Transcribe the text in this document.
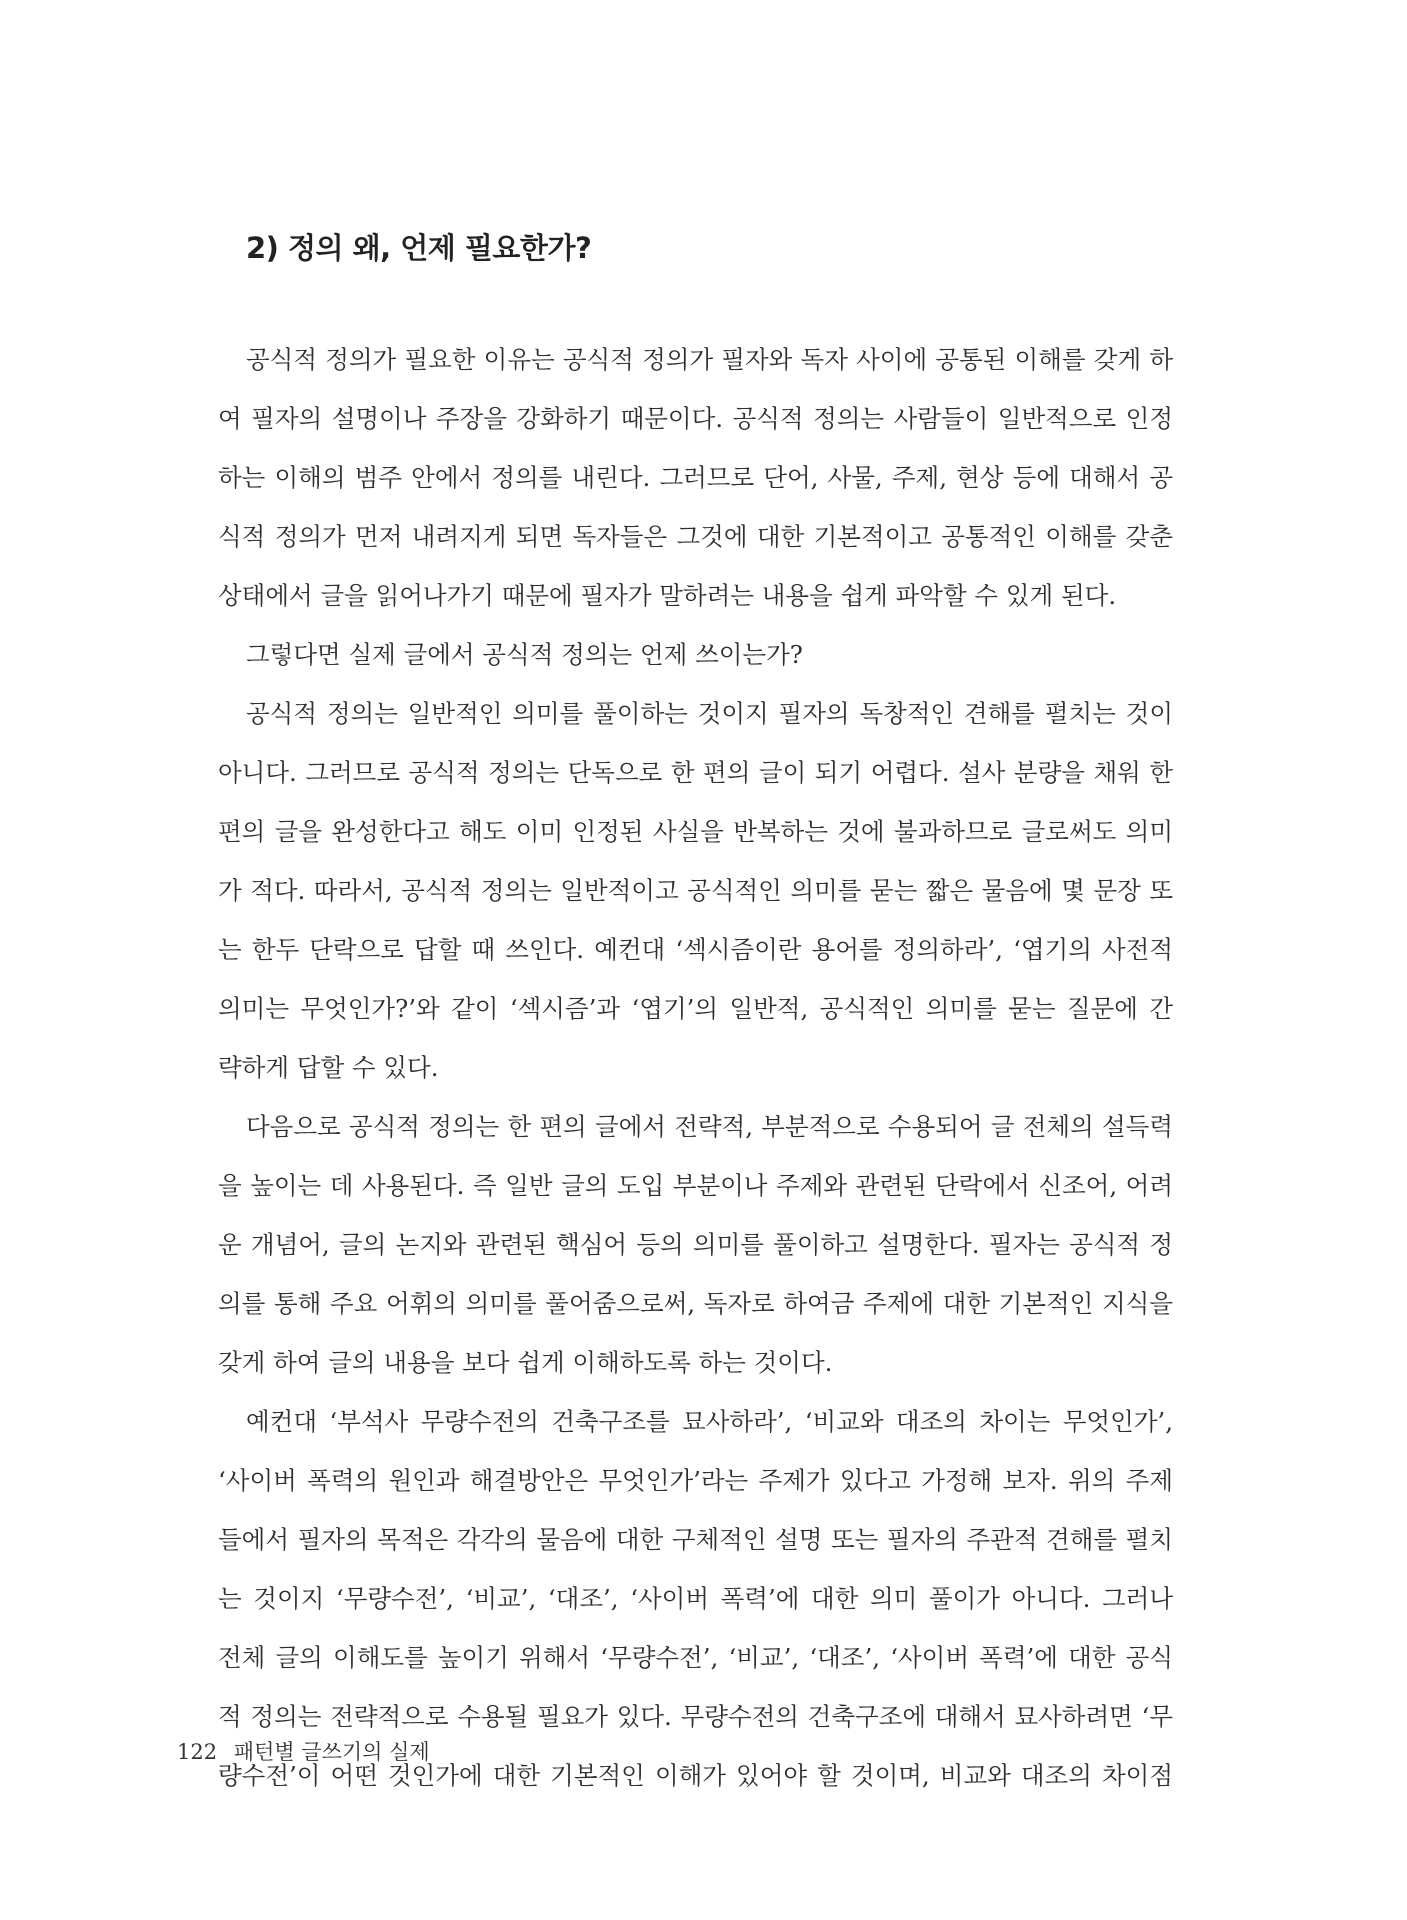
2) 정의 왜, 언제 필요한가?
공식적 정의가 필요한 이유는 공식적 정의가 필자와 독자 사이에 공통된 이해를 갖게 하
여 필자의 설명이나 주장을 강화하기 때문이다. 공식적 정의는 사람들이 일반적으로 인정
하는 이해의 범주 안에서 정의를 내린다. 그러므로 단어, 사물, 주제, 현상 등에 대해서 공
식적 정의가 먼저 내려지게 되면 독자들은 그것에 대한 기본적이고 공통적인 이해를 갖춘
상태에서 글을 읽어나가기 때문에 필자가 말하려는 내용을 쉽게 파악할 수 있게 된다.
그렇다면 실제 글에서 공식적 정의는 언제 쓰이는가?
공식적 정의는 일반적인 의미를 풀이하는 것이지 필자의 독창적인 견해를 펼치는 것이
아니다. 그러므로 공식적 정의는 단독으로 한 편의 글이 되기 어렵다. 설사 분량을 채워 한
편의 글을 완성한다고 해도 이미 인정된 사실을 반복하는 것에 불과하므로 글로써도 의미
가 적다. 따라서, 공식적 정의는 일반적이고 공식적인 의미를 묻는 짧은 물음에 몇 문장 또
는 한두 단락으로 답할 때 쓰인다. 예컨대 ‘섹시즘이란 용어를 정의하라’, ‘엽기의 사전적
의미는 무엇인가?’와 같이 ‘섹시즘’과 ‘엽기’의 일반적, 공식적인 의미를 묻는 질문에 간
략하게 답할 수 있다.
다음으로 공식적 정의는 한 편의 글에서 전략적, 부분적으로 수용되어 글 전체의 설득력
을 높이는 데 사용된다. 즉 일반 글의 도입 부분이나 주제와 관련된 단락에서 신조어, 어려
운 개념어, 글의 논지와 관련된 핵심어 등의 의미를 풀이하고 설명한다. 필자는 공식적 정
의를 통해 주요 어휘의 의미를 풀어줌으로써, 독자로 하여금 주제에 대한 기본적인 지식을
갖게 하여 글의 내용을 보다 쉽게 이해하도록 하는 것이다.
예컨대 ‘부석사 무량수전의 건축구조를 묘사하라’, ‘비교와 대조의 차이는 무엇인가’,
‘사이버 폭력의 원인과 해결방안은 무엇인가’라는 주제가 있다고 가정해 보자. 위의 주제
들에서 필자의 목적은 각각의 물음에 대한 구체적인 설명 또는 필자의 주관적 견해를 펼치
는 것이지 ‘무량수전’, ‘비교’, ‘대조’, ‘사이버 폭력’에 대한 의미 풀이가 아니다. 그러나
전체 글의 이해도를 높이기 위해서 ‘무량수전’, ‘비교’, ‘대조’, ‘사이버 폭력’에 대한 공식
적 정의는 전략적으로 수용될 필요가 있다. 무량수전의 건축구조에 대해서 묘사하려면 ‘무
량수전’이 어떤 것인가에 대한 기본적인 이해가 있어야 할 것이며, 비교와 대조의 차이점
122 패턴별 글쓰기의 실제
